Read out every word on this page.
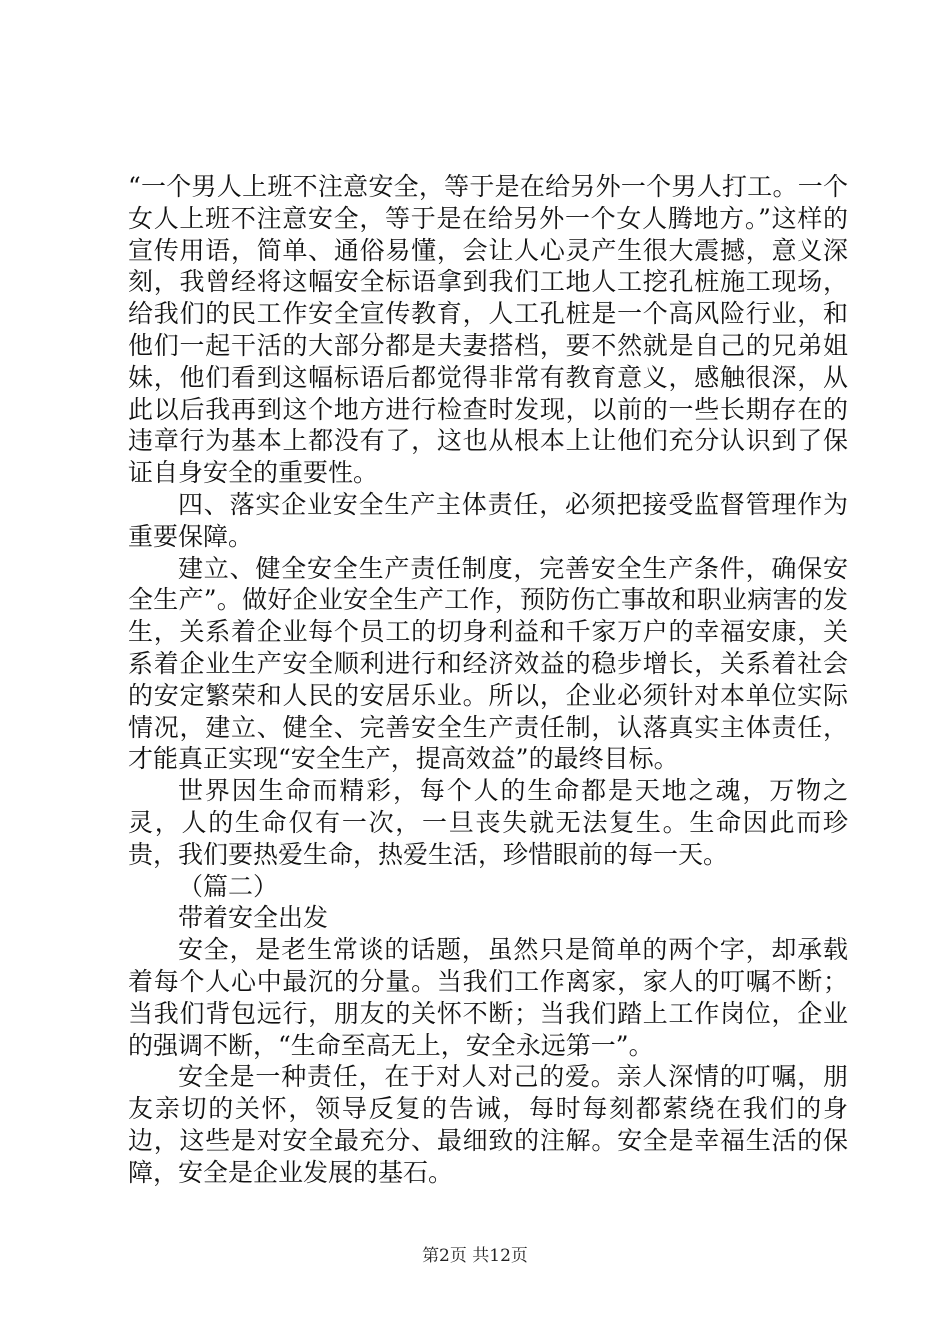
“一个男人上班不注意安全，等于是在给另外一个男人打工。一个女人上班不注意安全，等于是在给另外一个女人腾地方。”这样的宣传用语，简单、通俗易懂，会让人心灵产生很大震撼，意义深刻，我曾经将这幅安全标语拿到我们工地人工挖孔桩施工现场，给我们的民工作安全宣传教育，人工孔桩是一个高风险行业，和他们一起干活的大部分都是夫妻搭档，要不然就是自己的兄弟姐妹，他们看到这幅标语后都觉得非常有教育意义，感触很深，从此以后我再到这个地方进行检查时发现，以前的一些长期存在的违章行为基本上都没有了，这也从根本上让他们充分认识到了保证自身安全的重要性。

四、落实企业安全生产主体责任，必须把接受监督管理作为重要保障。

建立、健全安全生产责任制度，完善安全生产条件，确保安全生产”。做好企业安全生产工作，预防伤亡事故和职业病害的发生，关系着企业每个员工的切身利益和千家万户的幸福安康，关系着企业生产安全顺利进行和经济效益的稳步增长，关系着社会的安定繁荣和人民的安居乐业。所以，企业必须针对本单位实际情况，建立、健全、完善安全生产责任制，认落真实主体责任，才能真正实现“安全生产，提高效益”的最终目标。

世界因生命而精彩，每个人的生命都是天地之魂，万物之灵，人的生命仅有一次，一旦丧失就无法复生。生命因此而珍贵，我们要热爱生命，热爱生活，珍惜眼前的每一天。

（篇二）

带着安全出发

安全，是老生常谈的话题，虽然只是简单的两个字，却承载着每个人心中最沉的分量。当我们工作离家，家人的叮嘱不断；当我们背包远行，朋友的关怀不断；当我们踏上工作岗位，企业的强调不断，“生命至高无上，安全永远第一”。

安全是一种责任，在于对人对己的爱。亲人深情的叮嘱，朋友亲切的关怀，领导反复的告诫，每时每刻都萦绕在我们的身边，这些是对安全最充分、最细致的注解。安全是幸福生活的保障，安全是企业发展的基石。

第2页 共12页
